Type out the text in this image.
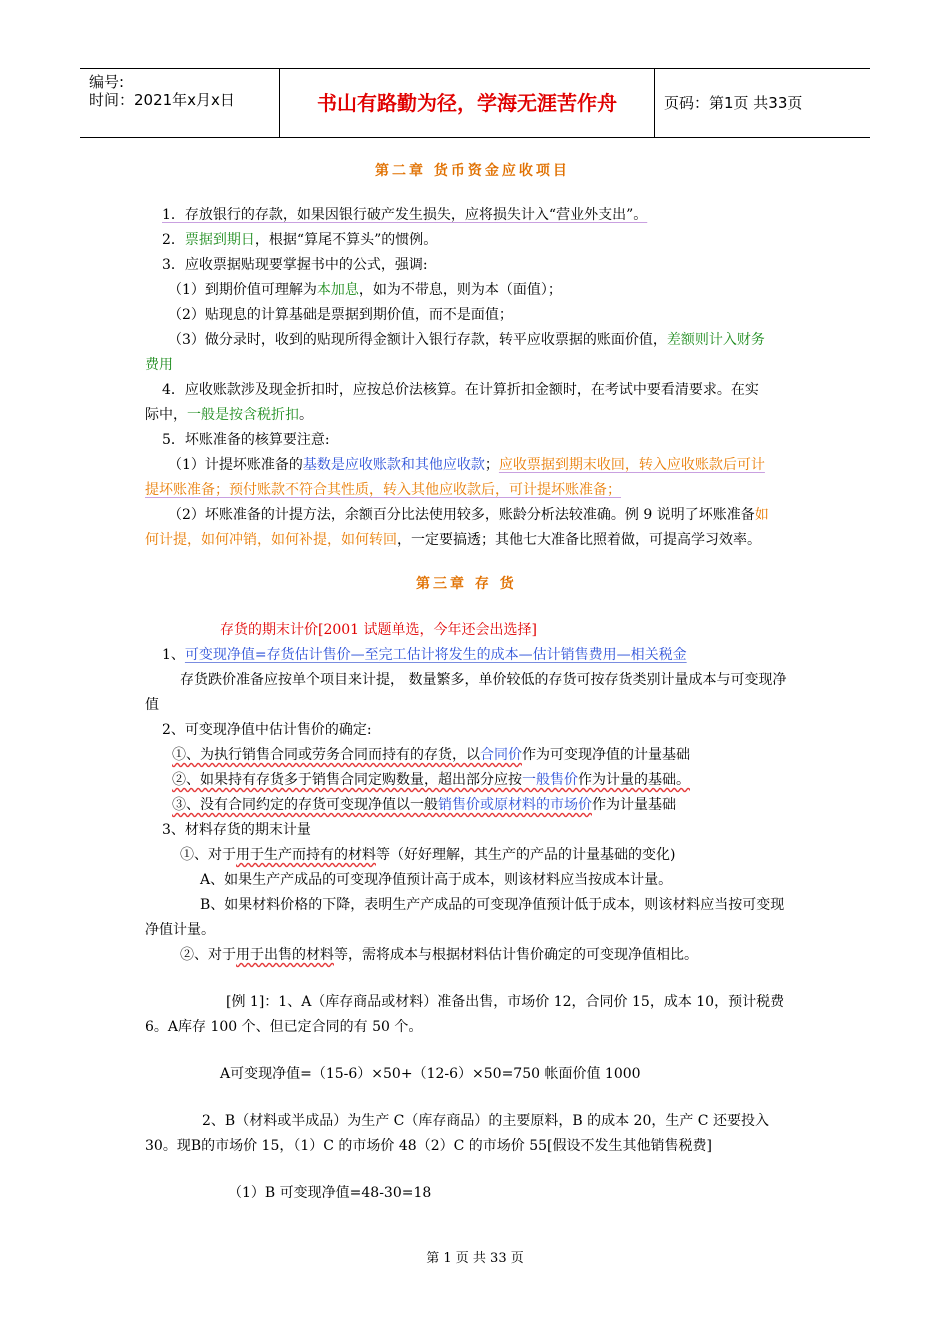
编号:
时间：2021年x月x日	书山有路勤为径，学海无涯苦作舟	页码：第1页 共33页
第二章 货币资金应收项目
1．存放银行的存款，如果因银行破产发生损失，应将损失计入“营业外支出”。
2．票据到期日，根据“算尾不算头”的惯例。
3．应收票据贴现要掌握书中的公式，强调:
（1）到期价值可理解为本加息，如为不带息，则为本（面值）；
（2）贴现息的计算基础是票据到期价值，而不是面值；
（3）做分录时，收到的贴现所得金额计入银行存款，转平应收票据的账面价值，差额则计入财务
费用
4．应收账款涉及现金折扣时，应按总价法核算。在计算折扣金额时，在考试中要看清要求。在实
际中，一般是按含税折扣。
5．坏账准备的核算要注意:
（1）计提坏账准备的基数是应收账款和其他应收款；应收票据到期末收回，转入应收账款后可计
提坏账准备；预付账款不符合其性质，转入其他应收款后，可计提坏账准备；
（2）坏账准备的计提方法，余额百分比法使用较多，账龄分析法较准确。例 9 说明了坏账准备如
何计提，如何冲销，如何补提，如何转回，一定要搞透；其他七大准备比照着做，可提高学习效率。
第三章 存 货
存货的期末计价[2001 试题单选，今年还会出选择]
1、可变现净值=存货估计售价—至完工估计将发生的成本—估计销售费用—相关税金
存货跌价准备应按单个项目来计提， 数量繁多，单价较低的存货可按存货类别计量成本与可变现净
值
2、可变现净值中估计售价的确定:
①、为执行销售合同或劳务合同而持有的存货，以合同价作为可变现净值的计量基础
②、如果持有存货多于销售合同定购数量，超出部分应按一般售价作为计量的基础。
③、没有合同约定的存货可变现净值以一般销售价或原材料的市场价作为计量基础
3、材料存货的期末计量
①、对于用于生产而持有的材料等（好好理解，其生产的产品的计量基础的变化)
A、如果生产产成品的可变现净值预计高于成本，则该材料应当按成本计量。
B、如果材料价格的下降，表明生产产成品的可变现净值预计低于成本，则该材料应当按可变现
净值计量。
②、对于用于出售的材料等，需将成本与根据材料估计售价确定的可变现净值相比。
[例 1]：1、A（库存商品或材料）准备出售，市场价 12，合同价 15，成本 10，预计税费
6。A库存 100 个、但已定合同的有 50 个。
A可变现净值=（15-6）×50+（12-6）×50=750 帐面价值 1000
2、B（材料或半成品）为生产 C（库存商品）的主要原料，B 的成本 20，生产 C 还要投入
30。现B的市场价 15，（1）C 的市场价 48（2）C 的市场价 55[假设不发生其他销售税费]
（1）B 可变现净值=48-30=18
第 1 页 共 33 页
